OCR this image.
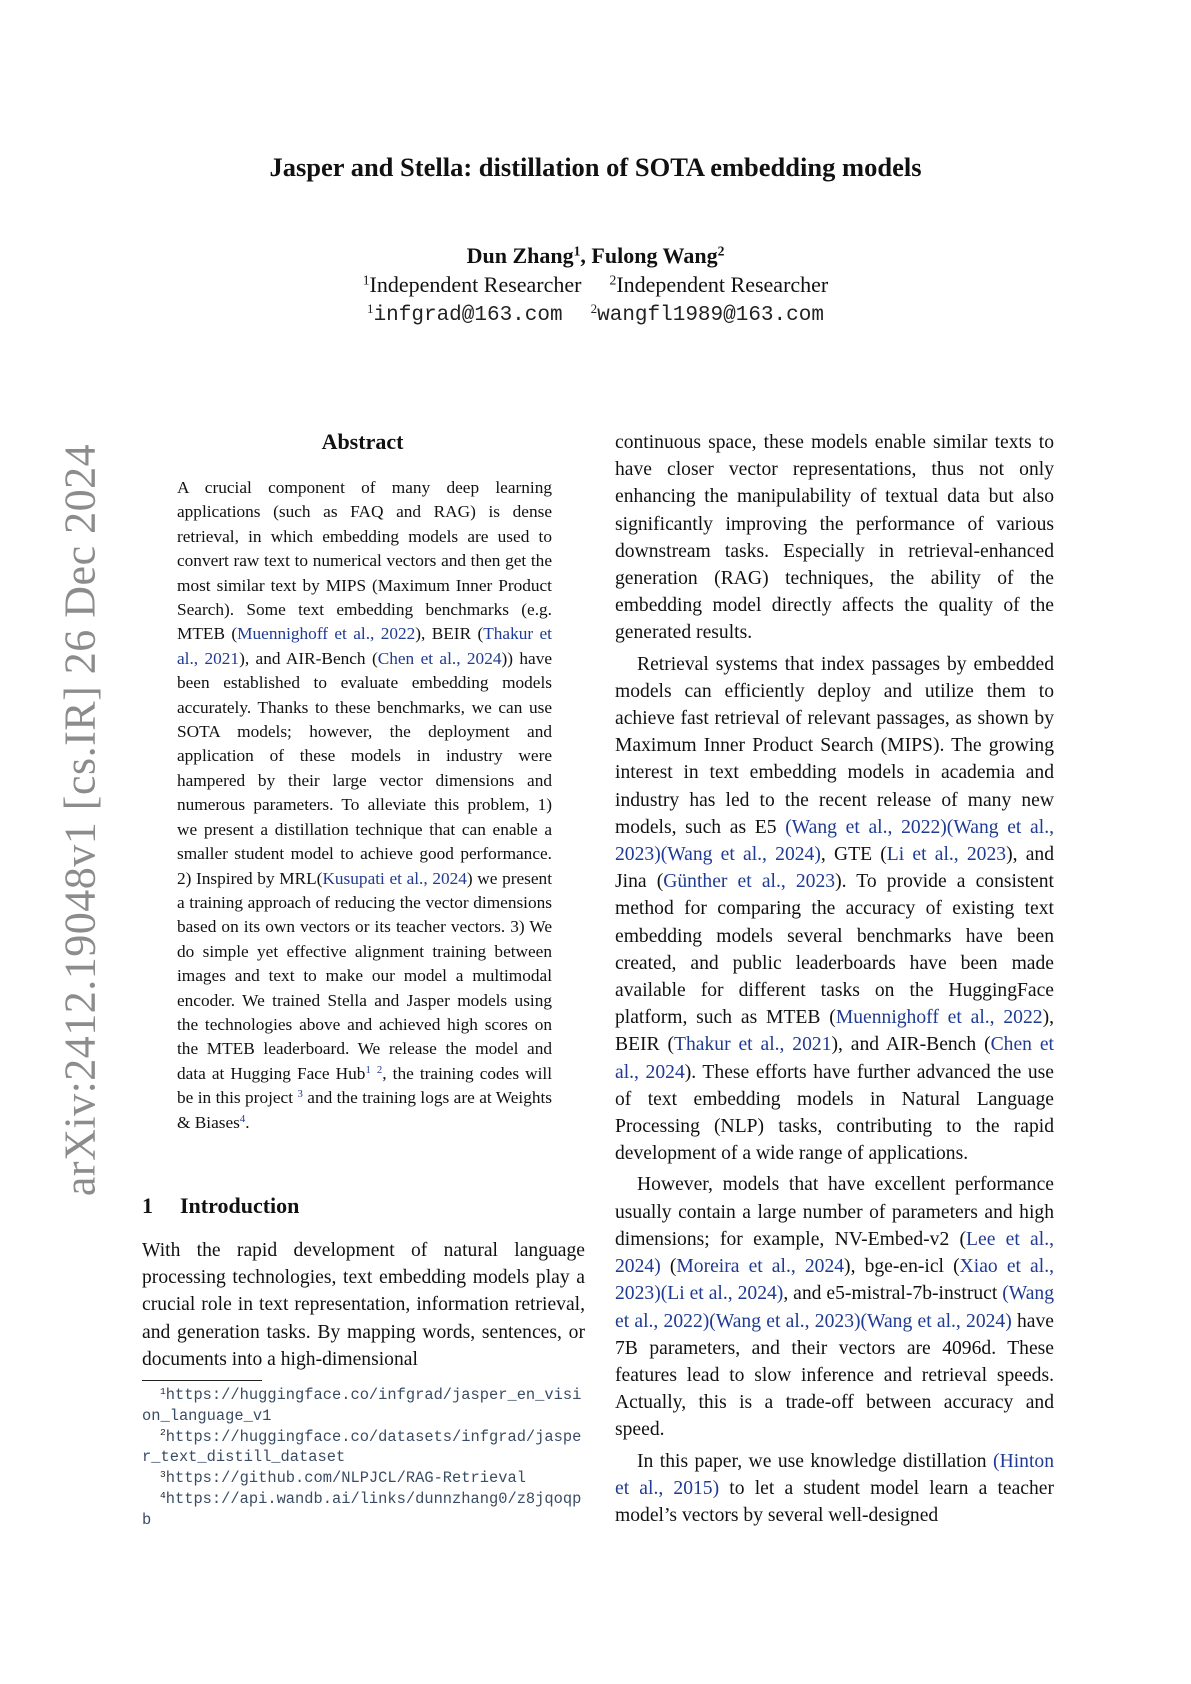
arXiv:2412.19048v1 [cs.IR] 26 Dec 2024
Jasper and Stella: distillation of SOTA embedding models
Dun Zhang$^1$, Fulong Wang$^2$
$^1$Independent Researcher $^2$Independent Researcher
$^1$infgrad@163.com $^2$wangfl1989@163.com
Abstract

A crucial component of many deep learning applications (such as FAQ and RAG) is dense retrieval, in which embedding models are used to convert raw text to numerical vectors and then get the most similar text by MIPS (Maximum Inner Product Search). Some text embedding benchmarks (e.g. MTEB (Muennighoff et al., 2022), BEIR (Thakur et al., 2021), and AIR-Bench (Chen et al., 2024)) have been established to evaluate embedding models accurately. Thanks to these benchmarks, we can use SOTA models; however, the deployment and application of these models in industry were hampered by their large vector dimensions and numerous parameters. To alleviate this problem, 1) we present a distillation technique that can enable a smaller student model to achieve good performance. 2) Inspired by MRL(Kusupati et al., 2024) we present a training approach of reducing the vector dimensions based on its own vectors or its teacher vectors. 3) We do simple yet effective alignment training between images and text to make our model a multimodal encoder. We trained Stella and Jasper models using the technologies above and achieved high scores on the MTEB leaderboard. We release the model and data at Hugging Face Hub$^1$ $^2$, the training codes will be in this project $^3$ and the training logs are at Weights & Biases$^4$.

1 Introduction

With the rapid development of natural language processing technologies, text embedding models play a crucial role in text representation, information retrieval, and generation tasks. By mapping words, sentences, or documents into a high-dimensional

$^1$https://huggingface.co/infgrad/jasper_en_vision_language_v1

$^2$https://huggingface.co/datasets/infgrad/jasper_text_distill_dataset

$^3$https://github.com/NLPJCL/RAG-Retrieval

$^4$https://api.wandb.ai/links/dunnzhang0/z8jqoqpb

continuous space, these models enable similar texts to have closer vector representations, thus not only enhancing the manipulability of textual data but also significantly improving the performance of various downstream tasks. Especially in retrieval-enhanced generation (RAG) techniques, the ability of the embedding model directly affects the quality of the generated results.

Retrieval systems that index passages by embedded models can efficiently deploy and utilize them to achieve fast retrieval of relevant passages, as shown by Maximum Inner Product Search (MIPS). The growing interest in text embedding models in academia and industry has led to the recent release of many new models, such as E5 (Wang et al., 2022)(Wang et al., 2023)(Wang et al., 2024), GTE (Li et al., 2023), and Jina (Günther et al., 2023). To provide a consistent method for comparing the accuracy of existing text embedding models several benchmarks have been created, and public leaderboards have been made available for different tasks on the HuggingFace platform, such as MTEB (Muennighoff et al., 2022), BEIR (Thakur et al., 2021), and AIR-Bench (Chen et al., 2024). These efforts have further advanced the use of text embedding models in Natural Language Processing (NLP) tasks, contributing to the rapid development of a wide range of applications.

However, models that have excellent performance usually contain a large number of parameters and high dimensions; for example, NV-Embed-v2 (Lee et al., 2024) (Moreira et al., 2024), bge-en-icl (Xiao et al., 2023)(Li et al., 2024), and e5-mistral-7b-instruct (Wang et al., 2022)(Wang et al., 2023)(Wang et al., 2024) have 7B parameters, and their vectors are 4096d. These features lead to slow inference and retrieval speeds. Actually, this is a trade-off between accuracy and speed.

In this paper, we use knowledge distillation (Hinton et al., 2015) to let a student model learn a teacher model’s vectors by several well-designed
